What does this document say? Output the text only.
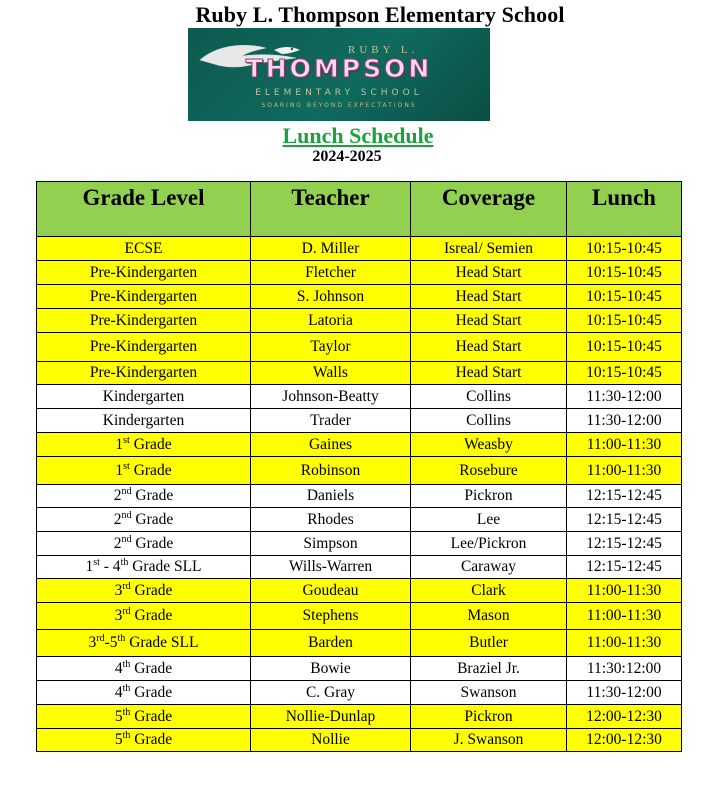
Ruby L. Thompson Elementary School
RUBY L.
THOMPSON
ELEMENTARY SCHOOL
SOARING BEYOND EXPECTATIONS
Lunch Schedule
2024-2025
Grade Level	Teacher	Coverage	Lunch
ECSE	D. Miller	Isreal/ Semien	10:15-10:45
Pre-Kindergarten	Fletcher	Head Start	10:15-10:45
Pre-Kindergarten	S. Johnson	Head Start	10:15-10:45
Pre-Kindergarten	Latoria	Head Start	10:15-10:45
Pre-Kindergarten	Taylor	Head Start	10:15-10:45
Pre-Kindergarten	Walls	Head Start	10:15-10:45
Kindergarten	Johnson-Beatty	Collins	11:30-12:00
Kindergarten	Trader	Collins	11:30-12:00
1st Grade	Gaines	Weasby	11:00-11:30
1st Grade	Robinson	Rosebure	11:00-11:30
2nd Grade	Daniels	Pickron	12:15-12:45
2nd Grade	Rhodes	Lee	12:15-12:45
2nd Grade	Simpson	Lee/Pickron	12:15-12:45
1st - 4th Grade SLL	Wills-Warren	Caraway	12:15-12:45
3rd Grade	Goudeau	Clark	11:00-11:30
3rd Grade	Stephens	Mason	11:00-11:30
3rd-5th Grade SLL	Barden	Butler	11:00-11:30
4th Grade	Bowie	Braziel Jr.	11:30:12:00
4th Grade	C. Gray	Swanson	11:30-12:00
5th Grade	Nollie-Dunlap	Pickron	12:00-12:30
5th Grade	Nollie	J. Swanson	12:00-12:30
